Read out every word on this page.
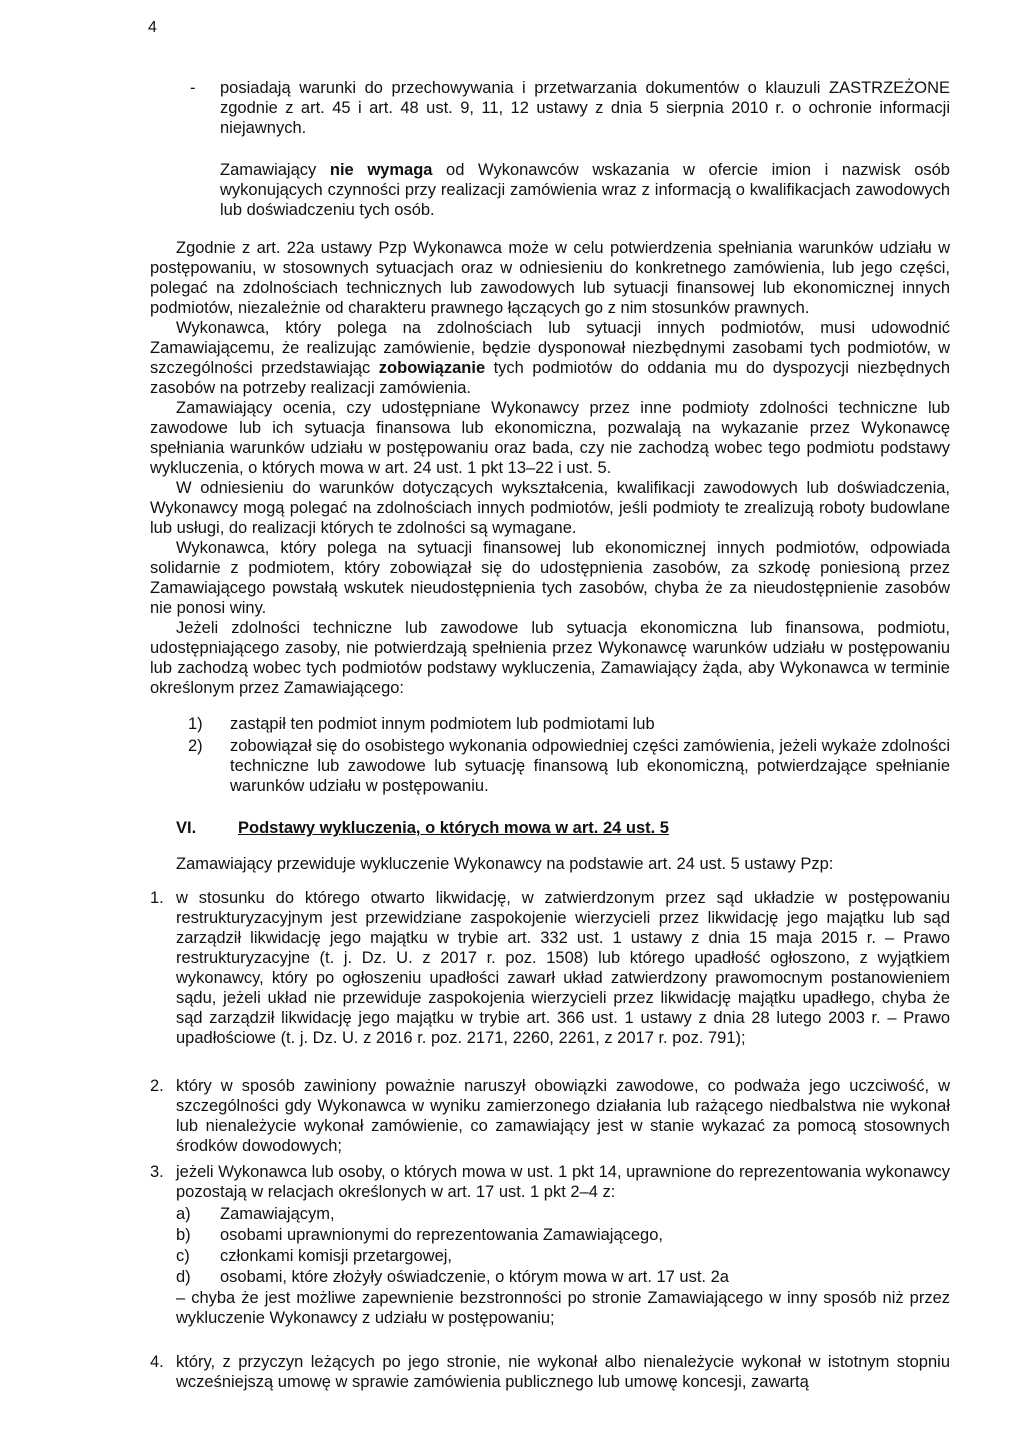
4
- posiadają warunki do przechowywania i przetwarzania dokumentów o klauzuli ZASTRZEŻONE zgodnie z art. 45 i art. 48 ust. 9, 11, 12 ustawy z dnia 5 sierpnia 2010 r. o ochronie informacji niejawnych.

Zamawiający nie wymaga od Wykonawców wskazania w ofercie imion i nazwisk osób wykonujących czynności przy realizacji zamówienia wraz z informacją o kwalifikacjach zawodowych lub doświadczeniu tych osób.

Zgodnie z art. 22a ustawy Pzp Wykonawca może w celu potwierdzenia spełniania warunków udziału w postępowaniu, w stosownych sytuacjach oraz w odniesieniu do konkretnego zamówienia, lub jego części, polegać na zdolnościach technicznych lub zawodowych lub sytuacji finansowej lub ekonomicznej innych podmiotów, niezależnie od charakteru prawnego łączących go z nim stosunków prawnych.

Wykonawca, który polega na zdolnościach lub sytuacji innych podmiotów, musi udowodnić Zamawiającemu, że realizując zamówienie, będzie dysponował niezbędnymi zasobami tych podmiotów, w szczególności przedstawiając zobowiązanie tych podmiotów do oddania mu do dyspozycji niezbędnych zasobów na potrzeby realizacji zamówienia.

Zamawiający ocenia, czy udostępniane Wykonawcy przez inne podmioty zdolności techniczne lub zawodowe lub ich sytuacja finansowa lub ekonomiczna, pozwalają na wykazanie przez Wykonawcę spełniania warunków udziału w postępowaniu oraz bada, czy nie zachodzą wobec tego podmiotu podstawy wykluczenia, o których mowa w art. 24 ust. 1 pkt 13–22 i ust. 5.

W odniesieniu do warunków dotyczących wykształcenia, kwalifikacji zawodowych lub doświadczenia, Wykonawcy mogą polegać na zdolnościach innych podmiotów, jeśli podmioty te zrealizują roboty budowlane lub usługi, do realizacji których te zdolności są wymagane.

Wykonawca, który polega na sytuacji finansowej lub ekonomicznej innych podmiotów, odpowiada solidarnie z podmiotem, który zobowiązał się do udostępnienia zasobów, za szkodę poniesioną przez Zamawiającego powstałą wskutek nieudostępnienia tych zasobów, chyba że za nieudostępnienie zasobów nie ponosi winy.

Jeżeli zdolności techniczne lub zawodowe lub sytuacja ekonomiczna lub finansowa, podmiotu, udostępniającego zasoby, nie potwierdzają spełnienia przez Wykonawcę warunków udziału w postępowaniu lub zachodzą wobec tych podmiotów podstawy wykluczenia, Zamawiający żąda, aby Wykonawca w terminie określonym przez Zamawiającego:

1) zastąpił ten podmiot innym podmiotem lub podmiotami lub

2) zobowiązał się do osobistego wykonania odpowiedniej części zamówienia, jeżeli wykaże zdolności techniczne lub zawodowe lub sytuację finansową lub ekonomiczną, potwierdzające spełnianie warunków udziału w postępowaniu.

VI.	Podstawy wykluczenia, o których mowa w art. 24 ust. 5

Zamawiający przewiduje wykluczenie Wykonawcy na podstawie art. 24 ust. 5 ustawy Pzp:

1. w stosunku do którego otwarto likwidację, w zatwierdzonym przez sąd układzie w postępowaniu restrukturyzacyjnym jest przewidziane zaspokojenie wierzycieli przez likwidację jego majątku lub sąd zarządził likwidację jego majątku w trybie art. 332 ust. 1 ustawy z dnia 15 maja 2015 r. – Prawo restrukturyzacyjne (t. j. Dz. U. z 2017 r. poz. 1508) lub którego upadłość ogłoszono, z wyjątkiem wykonawcy, który po ogłoszeniu upadłości zawarł układ zatwierdzony prawomocnym postanowieniem sądu, jeżeli układ nie przewiduje zaspokojenia wierzycieli przez likwidację majątku upadłego, chyba że sąd zarządził likwidację jego majątku w trybie art. 366 ust. 1 ustawy z dnia 28 lutego 2003 r. – Prawo upadłościowe (t. j. Dz. U. z 2016 r. poz. 2171, 2260, 2261, z 2017 r. poz. 791);

2. który w sposób zawiniony poważnie naruszył obowiązki zawodowe, co podważa jego uczciwość, w szczególności gdy Wykonawca w wyniku zamierzonego działania lub rażącego niedbalstwa nie wykonał lub nienależycie wykonał zamówienie, co zamawiający jest w stanie wykazać za pomocą stosownych środków dowodowych;

3. jeżeli Wykonawca lub osoby, o których mowa w ust. 1 pkt 14, uprawnione do reprezentowania wykonawcy pozostają w relacjach określonych w art. 17 ust. 1 pkt 2–4 z:

a) Zamawiającym,
b) osobami uprawnionymi do reprezentowania Zamawiającego,
c) członkami komisji przetargowej,
d) osobami, które złożyły oświadczenie, o którym mowa w art. 17 ust. 2a

– chyba że jest możliwe zapewnienie bezstronności po stronie Zamawiającego w inny sposób niż przez wykluczenie Wykonawcy z udziału w postępowaniu;

4. który, z przyczyn leżących po jego stronie, nie wykonał albo nienależycie wykonał w istotnym stopniu wcześniejszą umowę w sprawie zamówienia publicznego lub umowę koncesji, zawartą
